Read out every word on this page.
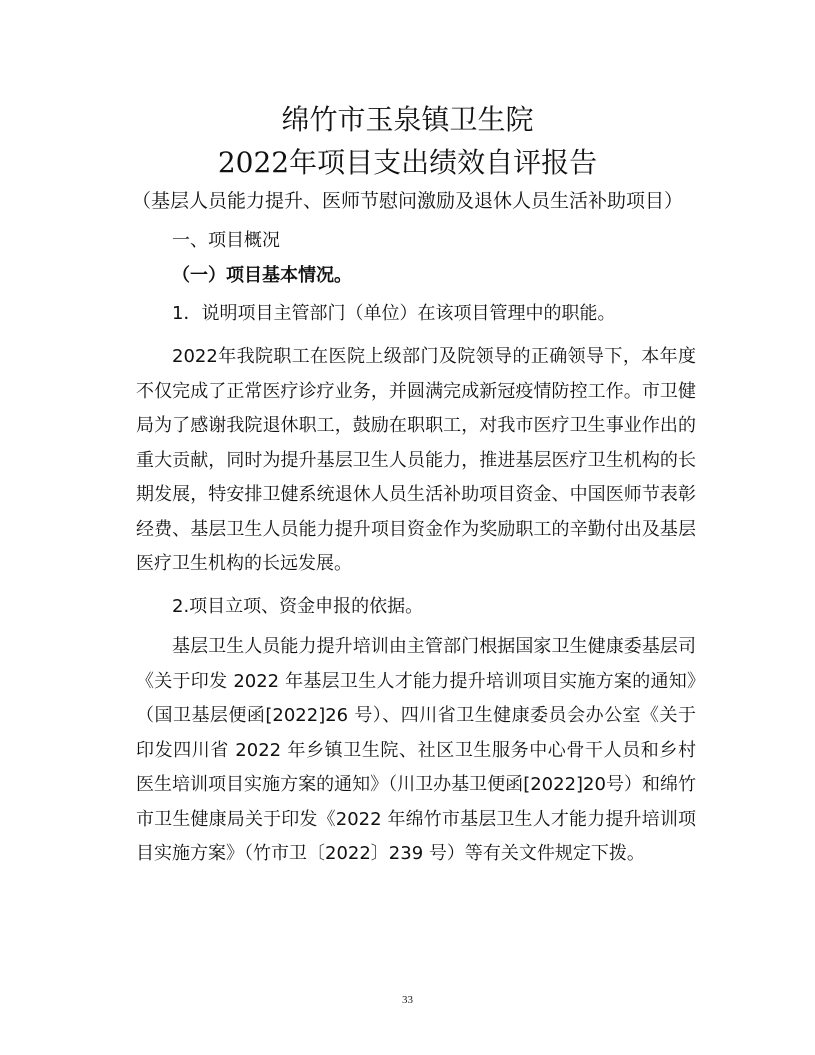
绵竹市玉泉镇卫生院
2022年项目支出绩效自评报告
（基层人员能力提升、医师节慰问激励及退休人员生活补助项目）
一、项目概况
（一）项目基本情况。
1．说明项目主管部门（单位）在该项目管理中的职能。

2022年我院职工在医院上级部门及院领导的正确领导下，本年度不仅完成了正常医疗诊疗业务，并圆满完成新冠疫情防控工作。市卫健局为了感谢我院退休职工，鼓励在职职工，对我市医疗卫生事业作出的重大贡献，同时为提升基层卫生人员能力，推进基层医疗卫生机构的长期发展，特安排卫健系统退休人员生活补助项目资金、中国医师节表彰经费、基层卫生人员能力提升项目资金作为奖励职工的辛勤付出及基层医疗卫生机构的长远发展。

2.项目立项、资金申报的依据。

基层卫生人员能力提升培训由主管部门根据国家卫生健康委基层司《关于印发 2022 年基层卫生人才能力提升培训项目实施方案的通知》（国卫基层便函[2022]26 号）、四川省卫生健康委员会办公室《关于印发四川省 2022 年乡镇卫生院、社区卫生服务中心骨干人员和乡村医生培训项目实施方案的通知》（川卫办基卫便函[2022]20号）和绵竹市卫生健康局关于印发《2022 年绵竹市基层卫生人才能力提升培训项目实施方案》（竹市卫〔2022〕239 号）等有关文件规定下拨。

33
